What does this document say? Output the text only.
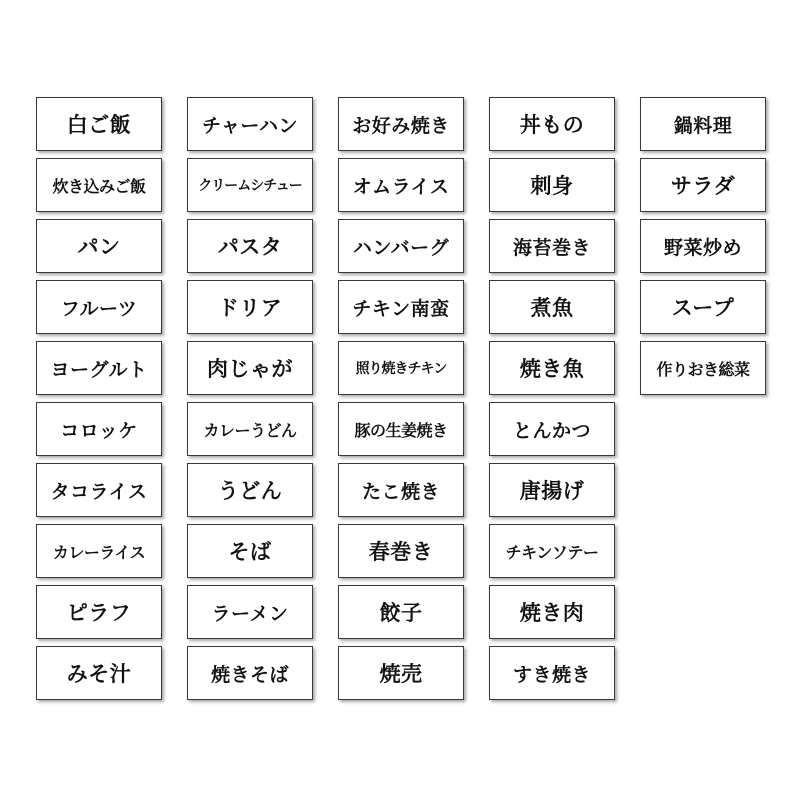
白ご飯
炊き込みご飯
パン
フルーツ
ヨーグルト
コロッケ
タコライス
カレーライス
ピラフ
みそ汁
チャーハン
クリームシチュー
パスタ
ドリア
肉じゃが
カレーうどん
うどん
そば
ラーメン
焼きそば
お好み焼き
オムライス
ハンバーグ
チキン南蛮
照り焼きチキン
豚の生姜焼き
たこ焼き
春巻き
餃子
焼売
丼もの
刺身
海苔巻き
煮魚
焼き魚
とんかつ
唐揚げ
チキンソテー
焼き肉
すき焼き
鍋料理
サラダ
野菜炒め
スープ
作りおき総菜
